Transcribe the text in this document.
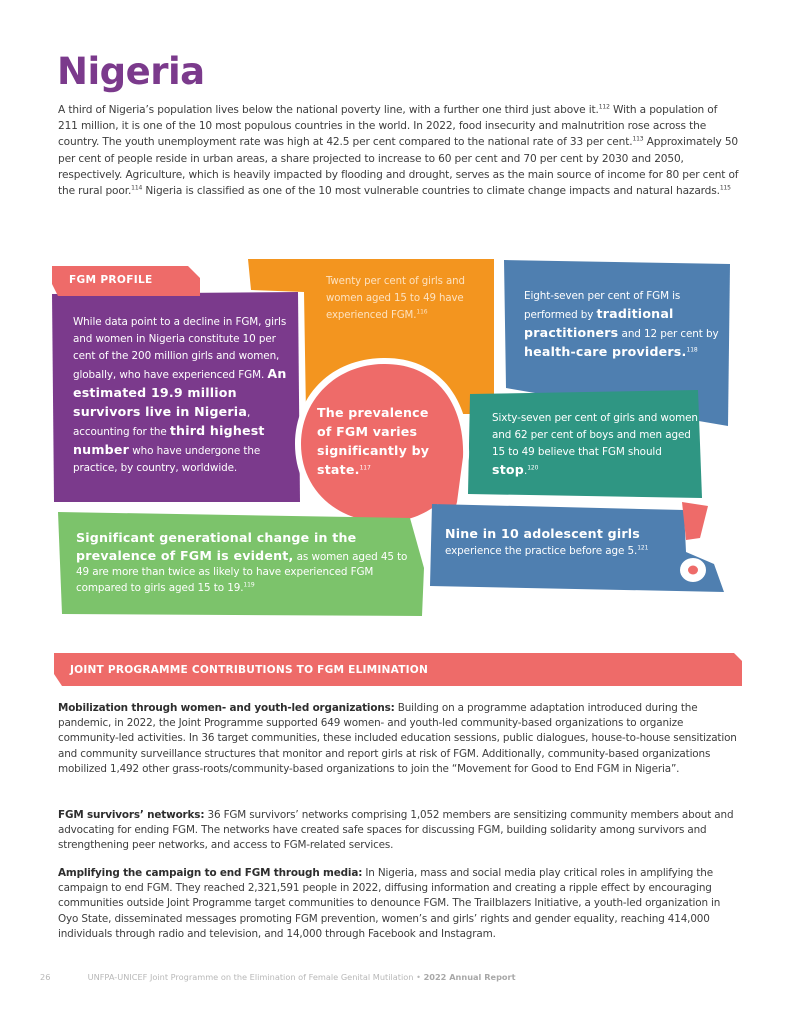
Nigeria

A third of Nigeria’s population lives below the national poverty line, with a further one third just above it.$^{112}$ With a population of 211 million, it is one of the 10 most populous countries in the world. In 2022, food insecurity and malnutrition rose across the country. The youth unemployment rate was high at 42.5 per cent compared to the national rate of 33 per cent.$^{113}$ Approximately 50 per cent of people reside in urban areas, a share projected to increase to 60 per cent and 70 per cent by 2030 and 2050, respectively. Agriculture, which is heavily impacted by flooding and drought, serves as the main source of income for 80 per cent of the rural poor.$^{114}$ Nigeria is classified as one of the 10 most vulnerable countries to climate change impacts and natural hazards.$^{115}$

Twenty per cent of girls and women aged 15 to 49 have experienced FGM.$^{116}$
Eight-seven per cent of FGM is performed by traditional practitioners and 12 per cent by health-care providers.$^{118}$
While data point to a decline in FGM, girls and women in Nigeria constitute 10 per cent of the 200 million girls and women, globally, who have experienced FGM. An estimated 19.9 million survivors live in Nigeria, accounting for the third highest number who have undergone the practice, by country, worldwide.
FGM PROFILE
Sixty-seven per cent of girls and women and 62 per cent of boys and men aged 15 to 49 believe that FGM should stop.$^{120}$
The prevalence of FGM varies significantly by state.$^{117}$
Significant generational change in the prevalence of FGM is evident, as women aged 45 to 49 are more than twice as likely to have experienced FGM compared to girls aged 15 to 19.$^{119}$
Nine in 10 adolescent girls
experience the practice before age 5.$^{121}$
JOINT PROGRAMME CONTRIBUTIONS TO FGM ELIMINATION

Mobilization through women- and youth-led organizations: Building on a programme adaptation introduced during the pandemic, in 2022, the Joint Programme supported 649 women- and youth-led community-based organizations to organize community-led activities. In 36 target communities, these included education sessions, public dialogues, house-to-house sensitization and community surveillance structures that monitor and report girls at risk of FGM. Additionally, community-based organizations mobilized 1,492 other grass-roots/community-based organizations to join the “Movement for Good to End FGM in Nigeria”.

FGM survivors’ networks: 36 FGM survivors’ networks comprising 1,052 members are sensitizing community members about and advocating for ending FGM. The networks have created safe spaces for discussing FGM, building solidarity among survivors and strengthening peer networks, and access to FGM-related services.

Amplifying the campaign to end FGM through media: In Nigeria, mass and social media play critical roles in amplifying the campaign to end FGM. They reached 2,321,591 people in 2022, diffusing information and creating a ripple effect by encouraging communities outside Joint Programme target communities to denounce FGM. The Trailblazers Initiative, a youth-led organization in Oyo State, disseminated messages promoting FGM prevention, women’s and girls’ rights and gender equality, reaching 414,000 individuals through radio and television, and 14,000 through Facebook and Instagram.

26	UNFPA-UNICEF Joint Programme on the Elimination of Female Genital Mutilation • 2022 Annual Report
